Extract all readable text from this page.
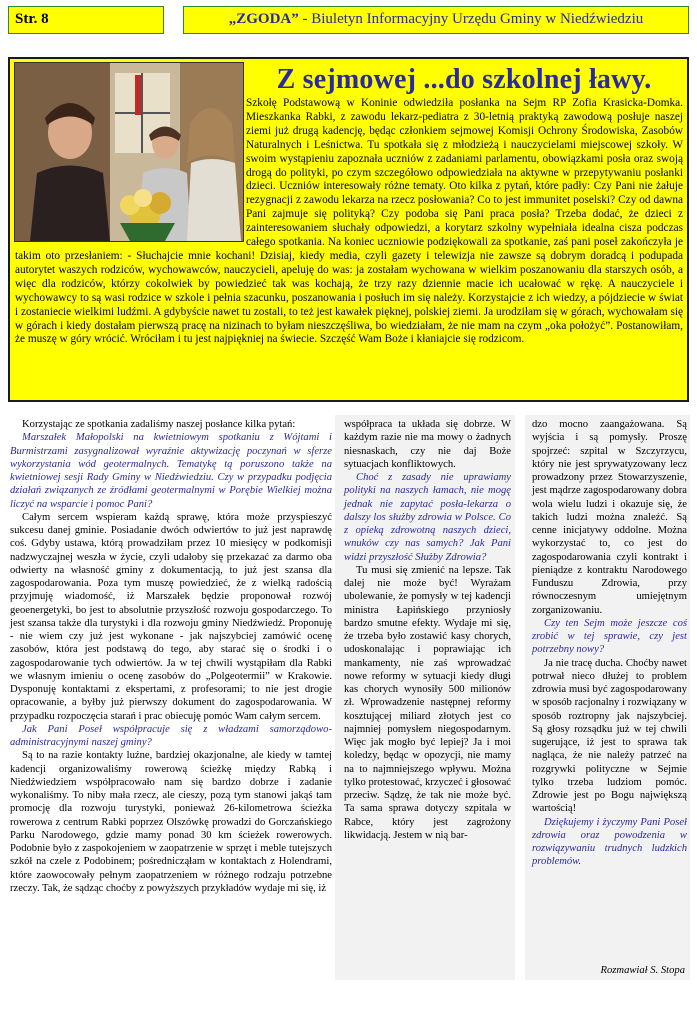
Str. 8	„ZGODA” - Biuletyn Informacyjny Urzędu Gminy w Niedźwiedziu
Z sejmowej ...do szkolnej ławy.
Szkołę Podstawową w Koninie odwiedziła posłanka na Sejm RP Zofia Krasicka-Domka. Mieszkanka Rabki, z zawodu lekarz-pediatra z 30-letnią praktyką zawodową posłuje naszej ziemi już drugą kadencję, będąc członkiem sejmowej Komisji Ochrony Środowiska, Zasobów Naturalnych i Leśnictwa. Tu spotkała się z młodzieżą i nauczycielami miejscowej szkoły. W swoim wystąpieniu zapoznała uczniów z zadaniami parlamentu, obowiązkami posła oraz swoją drogą do polityki, po czym szczegółowo odpowiedziała na aktywne w przepytywaniu posłanki dzieci. Uczniów interesowały różne tematy. Oto kilka z pytań, które padły: Czy Pani nie żałuje rezygnacji z zawodu lekarza na rzecz posłowania? Co to jest immunitet poselski? Czy od dawna Pani zajmuje się polityką? Czy podoba się Pani praca posła? Trzeba dodać, że dzieci z zainteresowaniem słuchały odpowiedzi, a korytarz szkolny wypełniała idealna cisza podczas całego spotkania. Na koniec uczniowie podziękowali za spotkanie, zaś pani poseł zakończyła je takim oto przesłaniem: - Słuchajcie mnie kochani! Dzisiaj, kiedy media, czyli gazety i telewizja nie zawsze są dobrym doradcą i podupada autorytet waszych rodziców, wychowawców, nauczycieli, apeluję do was: ja zostałam wychowana w wielkim poszanowaniu dla starszych osób, a więc dla rodziców, którzy cokolwiek by powiedzieć tak was kochają, że trzy razy dziennie macie ich ucałować w rękę. A nauczyciele i wychowawcy to są wasi rodzice w szkole i pełnia szacunku, poszanowania i posłuch im się należy. Korzystajcie z ich wiedzy, a pójdziecie w świat i zostaniecie wielkimi ludźmi. A gdybyście nawet tu zostali, to też jest kawałek pięknej, polskiej ziemi. Ja urodziłam się w górach, wychowałam się w górach i kiedy dostałam pierwszą pracę na nizinach to byłam nieszczęśliwa, bo wiedziałam, że nie mam na czym „oka położyć”. Postanowiłam, że muszę w góry wrócić. Wróciłam i tu jest najpiękniej na świecie. Szczęść Wam Boże i kłaniajcie się rodzicom.

Korzystając ze spotkania zadaliśmy naszej posłance kilka pytań:

Marszałek Małopolski na kwietniowym spotkaniu z Wójtami i Burmistrzami zasygnalizował wyraźnie aktywizację poczynań w sferze wykorzystania wód geotermalnych. Tematykę tą poruszono także na kwietniowej sesji Rady Gminy w Niedźwiedziu. Czy w przypadku podjęcia działań związanych ze źródłami geotermalnymi w Porębie Wielkiej można liczyć na wsparcie i pomoc Pani?

Całym sercem wspieram każdą sprawę, która może przyspieszyć sukcesu danej gminie. Posiadanie dwóch odwiertów to już jest naprawdę coś. Gdyby ustawa, którą prowadziłam przez 10 miesięcy w podkomisji nadzwyczajnej weszła w życie, czyli udałoby się przekazać za darmo oba odwierty na własność gminy z dokumentacją, to już jest szansa dla zagospodarowania. Poza tym muszę powiedzieć, że z wielką radością przyjmuję wiadomość, iż Marszałek będzie proponował rozwój geoenergetyki, bo jest to absolutnie przyszłość rozwoju gospodarczego. To jest szansa także dla turystyki i dla rozwoju gminy Niedźwiedź. Proponuję - nie wiem czy już jest wykonane - jak najszybciej zamówić ocenę zasobów, która jest podstawą do tego, aby starać się o środki i o zagospodarowanie tych odwiertów. Ja w tej chwili wystąpiłam dla Rabki we własnym imieniu o ocenę zasobów do „Polgeotermii” w Krakowie. Dysponuję kontaktami z ekspertami, z profesorami; to nie jest drogie opracowanie, a byłby już pierwszy dokument do zagospodarowania. W przypadku rozpoczęcia starań i prac obiecuję pomóc Wam całym sercem.

Jak Pani Poseł współpracuje się z władzami samorządowo-administracyjnymi naszej gminy?

Są to na razie kontakty luźne, bardziej okazjonalne, ale kiedy w tamtej kadencji organizowaliśmy rowerową ścieżkę między Rabką i Niedźwiedziem współpracowało nam się bardzo dobrze i zadanie wykonaliśmy. To niby mała rzecz, ale cieszy, pozą tym stanowi jakąś tam promocję dla rozwoju turystyki, ponieważ 26-kilometrowa ścieżka rowerowa z centrum Rabki poprzez Olszówkę prowadzi do Gorczańskiego Parku Narodowego, gdzie mamy ponad 30 km ścieżek rowerowych. Podobnie było z zaspokojeniem w zaopatrzenie w sprzęt i meble tutejszych szkół na czele z Podobinem; pośrednicząłam w kontaktach z Holendrami, które zaowocowały pełnym zaopatrzeniem w różnego rodzaju potrzebne rzeczy. Tak, że sądząc choćby z powyższych przykładów wydaje mi się, iż

współpraca ta układa się dobrze. W każdym razie nie ma mowy o żadnych niesnaskach, czy nie daj Boże sytuacjach konfliktowych.

Choć z zasady nie uprawiamy polityki na naszych łamach, nie mogę jednak nie zapytać posła-lekarza o dalszy los służby zdrowia w Polsce. Co z opieką zdrowotną naszych dzieci, wnuków czy nas samych? Jak Pani widzi przyszłość Służby Zdrowia?

Tu musi się zmienić na lepsze. Tak dalej nie może być! Wyrażam ubolewanie, że pomysły w tej kadencji ministra Łapińskiego przyniosły bardzo smutne efekty. Wydaje mi się, że trzeba było zostawić kasy chorych, udoskonalając i poprawiając ich mankamenty, nie zaś wprowadzać nowe reformy w sytuacji kiedy długi kas chorych wynosiły 500 milionów zł. Wprowadzenie następnej reformy kosztującej miliard złotych jest co najmniej pomysłem niegospodarnym. Więc jak mogło być lepiej? Ja i moi koledzy, będąc w opozycji, nie mamy na to najmniejszego wpływu. Można tylko protestować, krzyczeć i głosować przeciw. Sądzę, że tak nie może być. Ta sama sprawa dotyczy szpitala w Rabce, który jest zagrożony likwidacją. Jestem w nią bar-

dzo mocno zaangażowana. Są wyjścia i są pomysły. Proszę spojrzeć: szpital w Szczyrzycu, który nie jest sprywatyzowany lecz prowadzony przez Stowarzyszenie, jest mądrze zagospodarowany dobra wola wielu ludzi i okazuje się, że takich ludzi można znaleźć. Są cenne inicjatywy oddolne. Można wykorzystać to, co jest do zagospodarowania czyli kontrakt i pieniądze z kontraktu Narodowego Funduszu Zdrowia, przy równoczesnym umiejętnym zorganizowaniu.

Czy ten Sejm może jeszcze coś zrobić w tej sprawie, czy jest potrzebny nowy?

Ja nie tracę ducha. Choćby nawet potrwał nieco dłużej to problem zdrowia musi być zagospodarowany w sposób racjonalny i rozwiązany w sposób roztropny jak najszybciej. Są głosy rozsądku już w tej chwili sugerujące, iż jest to sprawa tak nagląca, że nie należy patrzeć na rozgrywki polityczne w Sejmie tylko trzeba ludziom pomóc. Zdrowie jest po Bogu największą wartością!

Dziękujemy i życzymy Pani Poseł zdrowia oraz powodzenia w rozwiązywaniu trudnych ludzkich problemów.

Rozmawiał S. Stopa
